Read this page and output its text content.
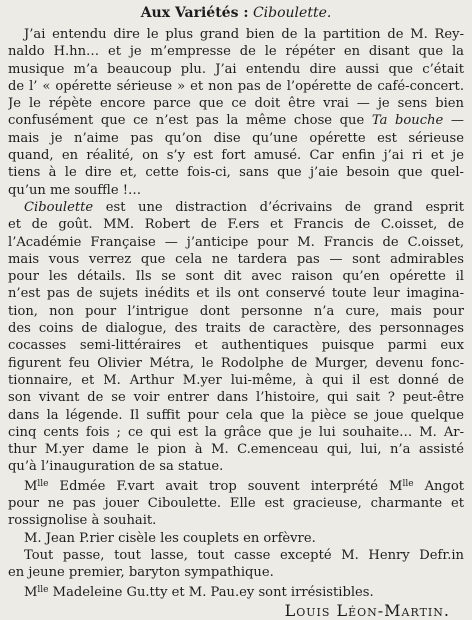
Aux Variétés : Ciboulette.
J’ai entendu dire le plus grand bien de la partition de M. Rey-
naldo H.hn… et je m’empresse de le répéter en disant que la
musique m’a beaucoup plu. J’ai entendu dire aussi que c’était
de l’ « opérette sérieuse » et non pas de l’opérette de café-concert.
Je le répète encore parce que ce doit être vrai — je sens bien
confusément que ce n’est pas la même chose que Ta bouche —
mais je n’aime pas qu’on dise qu’une opérette est sérieuse
quand, en réalité, on s’y est fort amusé. Car enfin j’ai ri et je
tiens à le dire et, cette fois-ci, sans que j’aie besoin que quel-
qu’un me souffle !…
Ciboulette est une distraction d’écrivains de grand esprit
et de goût. MM. Robert de F.ers et Francis de C.oisset, de
l’Académie Française — j’anticipe pour M. Francis de C.oisset,
mais vous verrez que cela ne tardera pas — sont admirables
pour les détails. Ils se sont dit avec raison qu’en opérette il
n’est pas de sujets inédits et ils ont conservé toute leur imagina-
tion, non pour l’intrigue dont personne n’a cure, mais pour
des coins de dialogue, des traits de caractère, des personnages
cocasses semi-littéraires et authentiques puisque parmi eux
figurent feu Olivier Métra, le Rodolphe de Murger, devenu fonc-
tionnaire, et M. Arthur M.yer lui-même, à qui il est donné de
son vivant de se voir entrer dans l’histoire, qui sait ? peut-être
dans la légende. Il suffit pour cela que la pièce se joue quelque
cinq cents fois ; ce qui est la grâce que je lui souhaite… M. Ar-
thur M.yer dame le pion à M. C.emenceau qui, lui, n’a assisté
qu’à l’inauguration de sa statue.
$M^{lle}$ Edmée F.vart avait trop souvent interprété $M^{lle}$ Angot
pour ne pas jouer Ciboulette. Elle est gracieuse, charmante et
rossignolise à souhait.
M. Jean P.rier cisèle les couplets en orfèvre.
Tout passe, tout lasse, tout casse excepté M. Henry Defr.in
en jeune premier, baryton sympathique.
$M^{lle}$ Madeleine Gu.tty et M. Pau.ey sont irrésistibles.
Louis Léon-Martin.
